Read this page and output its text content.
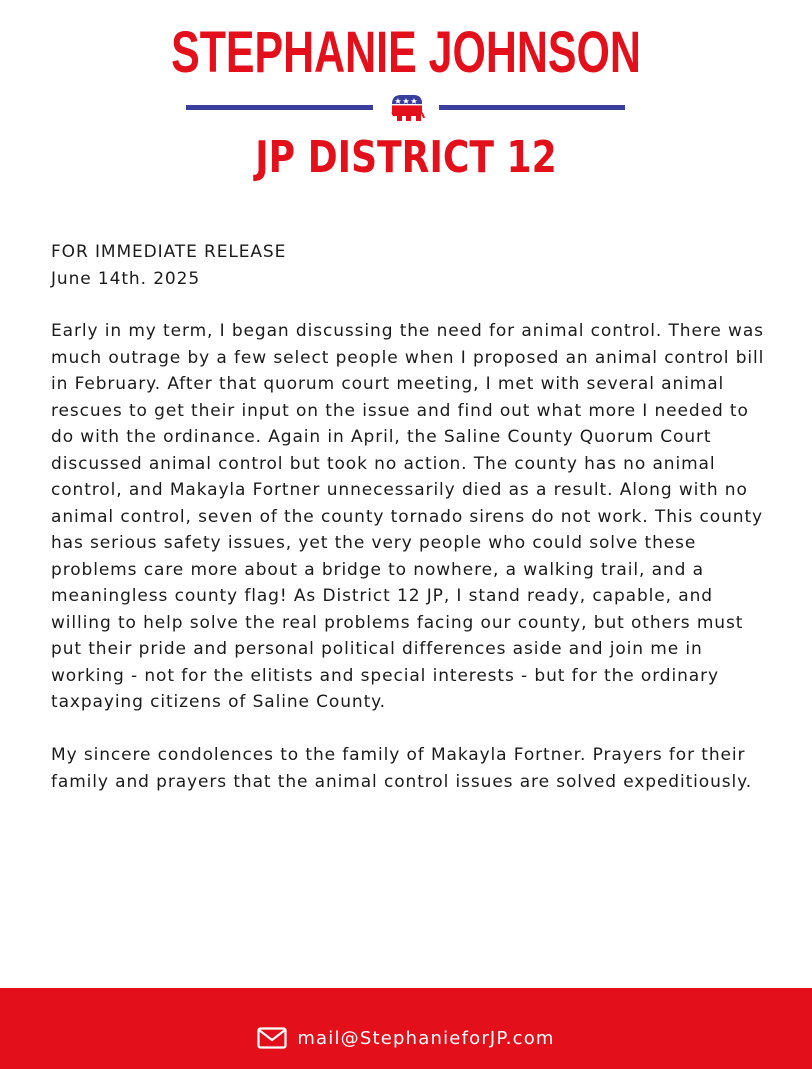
STEPHANIE JOHNSON
JP DISTRICT 12

FOR IMMEDIATE RELEASE

June 14th. 2025

Early in my term, I began discussing the need for animal control. There was much outrage by a few select people when I proposed an animal control bill in February. After that quorum court meeting, I met with several animal rescues to get their input on the issue and find out what more I needed to do with the ordinance. Again in April, the Saline County Quorum Court discussed animal control but took no action. The county has no animal control, and Makayla Fortner unnecessarily died as a result. Along with no animal control, seven of the county tornado sirens do not work. This county has serious safety issues, yet the very people who could solve these problems care more about a bridge to nowhere, a walking trail, and a meaningless county flag! As District 12 JP, I stand ready, capable, and willing to help solve the real problems facing our county, but others must put their pride and personal political differences aside and join me in working - not for the elitists and special interests - but for the ordinary taxpaying citizens of Saline County.

My sincere condolences to the family of Makayla Fortner. Prayers for their family and prayers that the animal control issues are solved expeditiously.

mail@StephanieforJP.com
